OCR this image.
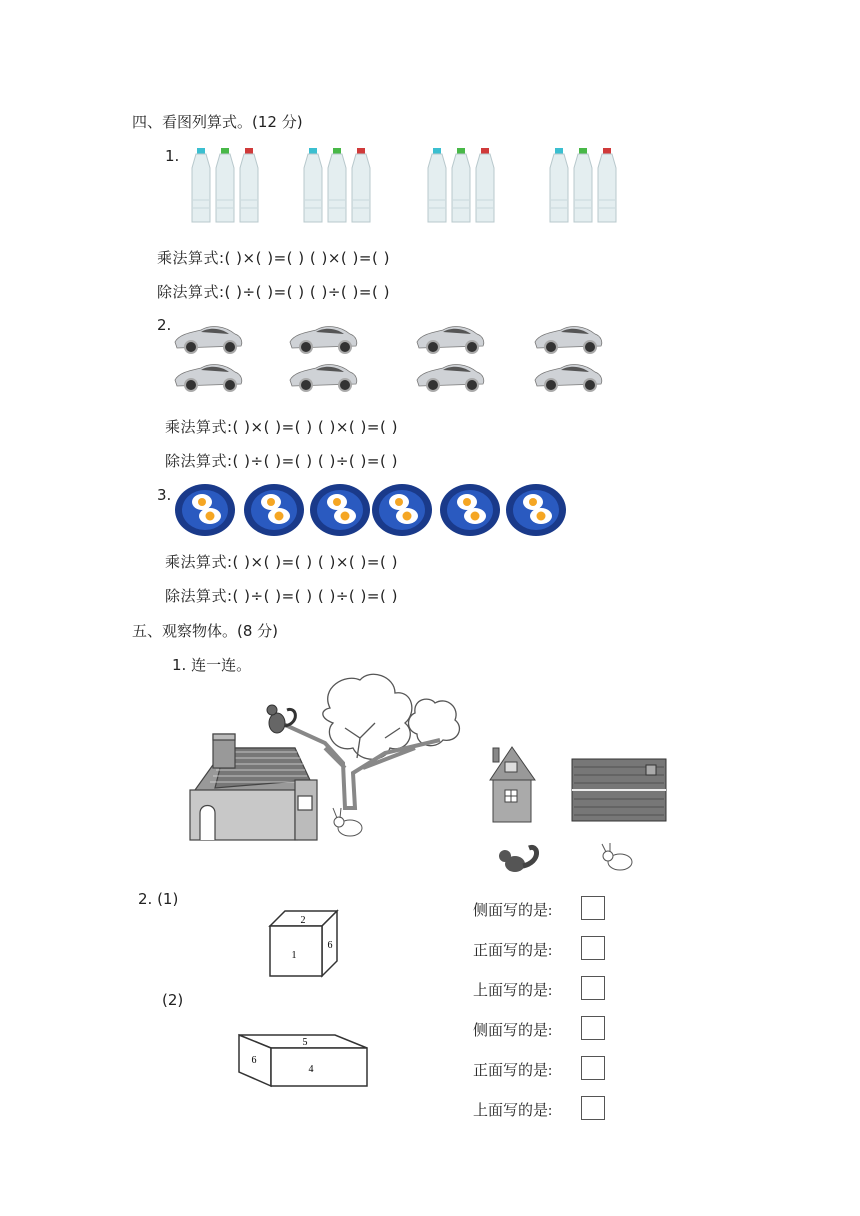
四、看图列算式。(12 分)
1.
乘法算式:( )×( )=( ) ( )×( )=( )
除法算式:( )÷( )=( ) ( )÷( )=( )
2.
乘法算式:( )×( )=( ) ( )×( )=( )
除法算式:( )÷( )=( ) ( )÷( )=( )
3.
乘法算式:( )×( )=( ) ( )×( )=( )
除法算式:( )÷( )=( ) ( )÷( )=( )
五、观察物体。(8 分)
1. 连一连。
2. (1)
(2)
2
1
6
5
4
6
侧面写的是:
正面写的是:
上面写的是:
侧面写的是:
正面写的是:
上面写的是:
